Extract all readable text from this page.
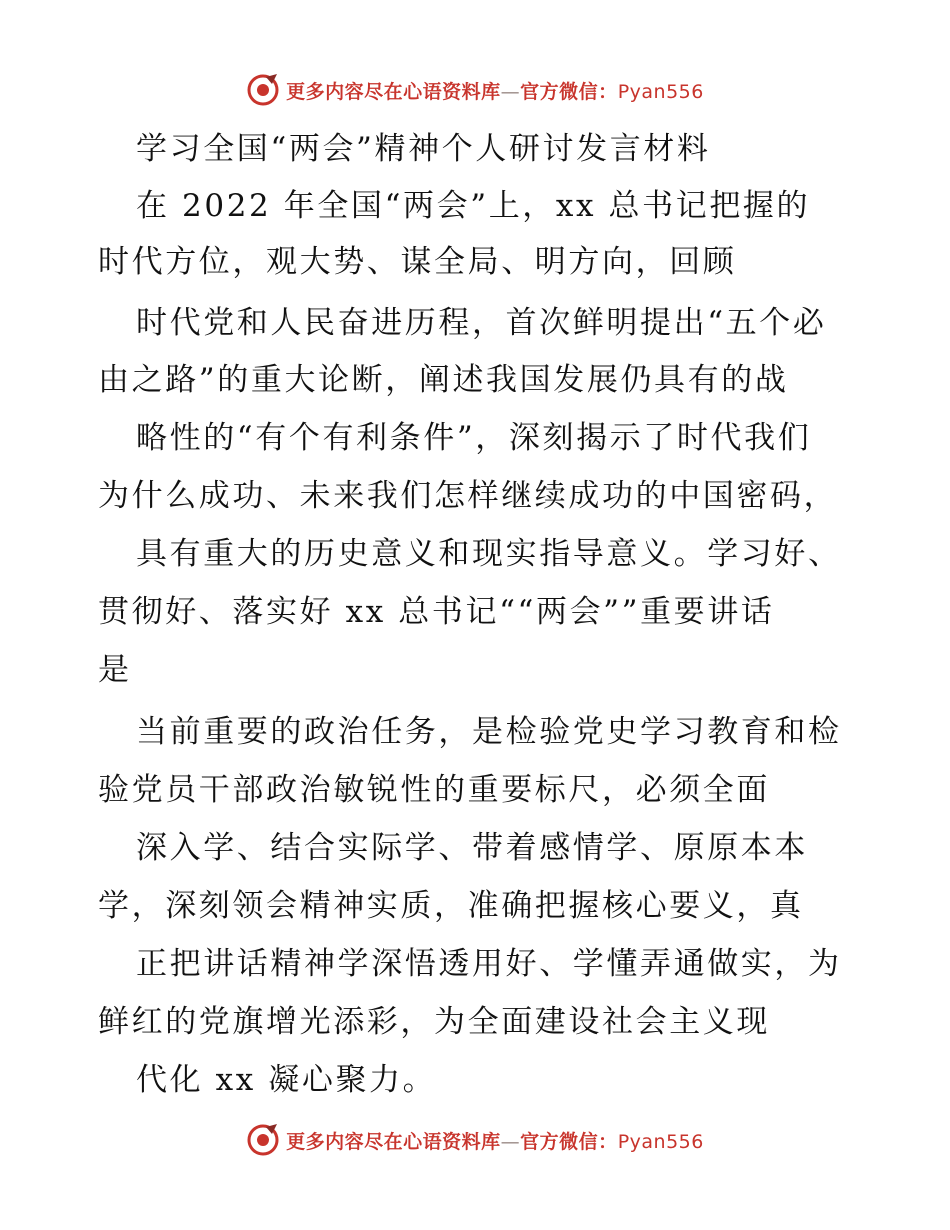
更多内容尽在心语资料库—官方微信：Pyan556
学习全国“两会”精神个人研讨发言材料
在 2022 年全国“两会”上，xx 总书记把握的
时代方位，观大势、谋全局、明方向，回顾
时代党和人民奋进历程，首次鲜明提出“五个必
由之路”的重大论断，阐述我国发展仍具有的战
略性的“有个有利条件”，深刻揭示了时代我们
为什么成功、未来我们怎样继续成功的中国密码，
具有重大的历史意义和现实指导意义。学习好、
贯彻好、落实好 xx 总书记““两会””重要讲话
是
当前重要的政治任务，是检验党史学习教育和检
验党员干部政治敏锐性的重要标尺，必须全面
深入学、结合实际学、带着感情学、原原本本
学，深刻领会精神实质，准确把握核心要义，真
正把讲话精神学深悟透用好、学懂弄通做实，为
鲜红的党旗增光添彩，为全面建设社会主义现
代化 xx 凝心聚力。
更多内容尽在心语资料库—官方微信：Pyan556
